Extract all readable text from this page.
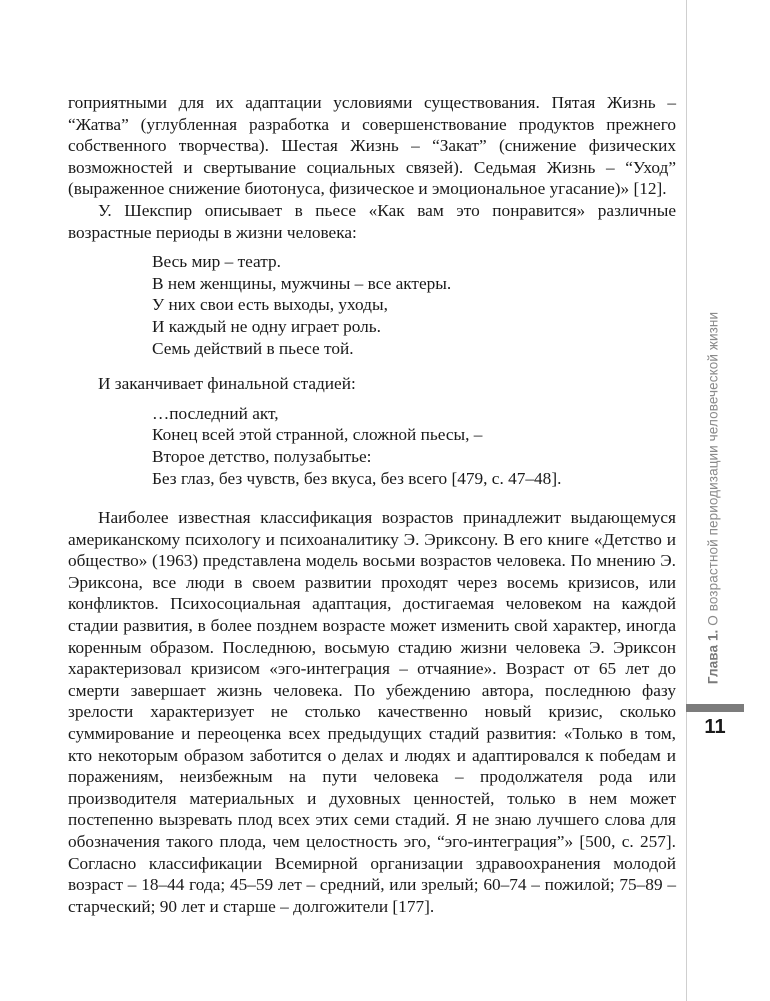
гоприятными для их адаптации условиями существования. Пятая Жизнь – “Жатва” (углубленная разработка и совершенствование продуктов прежнего собственного творчества). Шестая Жизнь – “Закат” (снижение физических возможностей и свертывание социальных связей). Седьмая Жизнь – “Уход” (выраженное снижение биотонуса, физическое и эмоциональное угасание)» [12].

У. Шекспир описывает в пьесе «Как вам это понравится» различные возрастные периоды в жизни человека:

Весь мир – театр.
В нем женщины, мужчины – все актеры.
У них свои есть выходы, уходы,
И каждый не одну играет роль.
Семь действий в пьесе той.

И заканчивает финальной стадией:

…последний акт,
Конец всей этой странной, сложной пьесы, –
Второе детство, полузабытье:
Без глаз, без чувств, без вкуса, без всего [479, с. 47–48].

Наиболее известная классификация возрастов принадлежит выдающемуся американскому психологу и психоаналитику Э. Эриксону. В его книге «Детство и общество» (1963) представлена модель восьми возрастов человека. По мнению Э. Эриксона, все люди в своем развитии проходят через восемь кризисов, или конфликтов. Психосоциальная адаптация, достигаемая человеком на каждой стадии развития, в более позднем возрасте может изменить свой характер, иногда коренным образом. Последнюю, восьмую стадию жизни человека Э. Эриксон характеризовал кризисом «эго-интеграция – отчаяние». Возраст от 65 лет до смерти завершает жизнь человека. По убеждению автора, последнюю фазу зрелости характеризует не столько качественно новый кризис, сколько суммирование и переоценка всех предыдущих стадий развития: «Только в том, кто некоторым образом заботится о делах и людях и адаптировался к победам и поражениям, неизбежным на пути человека – продолжателя рода или производителя материальных и духовных ценностей, только в нем может постепенно вызревать плод всех этих семи стадий. Я не знаю лучшего слова для обозначения такого плода, чем целостность эго, “эго-интеграция”» [500, с. 257]. Согласно классификации Всемирной организации здравоохранения молодой возраст – 18–44 года; 45–59 лет – средний, или зрелый; 60–74 – пожилой; 75–89 – старческий; 90 лет и старше – долгожители [177].

Глава 1. О возрастной периодизации человеческой жизни
11
